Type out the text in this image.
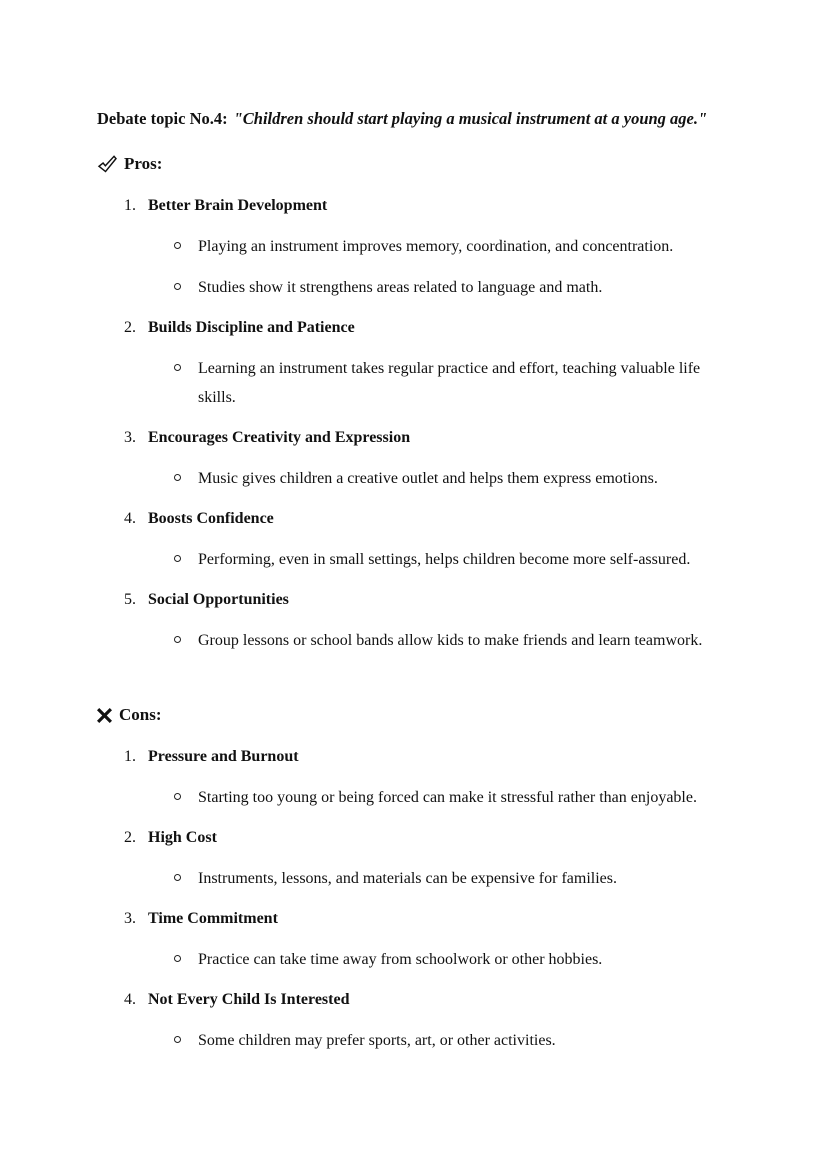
Debate topic No.4: "Children should start playing a musical instrument at a young age."

Pros:

1. Better Brain Development
Playing an instrument improves memory, coordination, and concentration.
Studies show it strengthens areas related to language and math.
2. Builds Discipline and Patience
Learning an instrument takes regular practice and effort, teaching valuable life skills.
3. Encourages Creativity and Expression
Music gives children a creative outlet and helps them express emotions.
4. Boosts Confidence
Performing, even in small settings, helps children become more self-assured.
5. Social Opportunities
Group lessons or school bands allow kids to make friends and learn teamwork.

Cons:

1. Pressure and Burnout
Starting too young or being forced can make it stressful rather than enjoyable.
2. High Cost
Instruments, lessons, and materials can be expensive for families.
3. Time Commitment
Practice can take time away from schoolwork or other hobbies.
4. Not Every Child Is Interested
Some children may prefer sports, art, or other activities.
